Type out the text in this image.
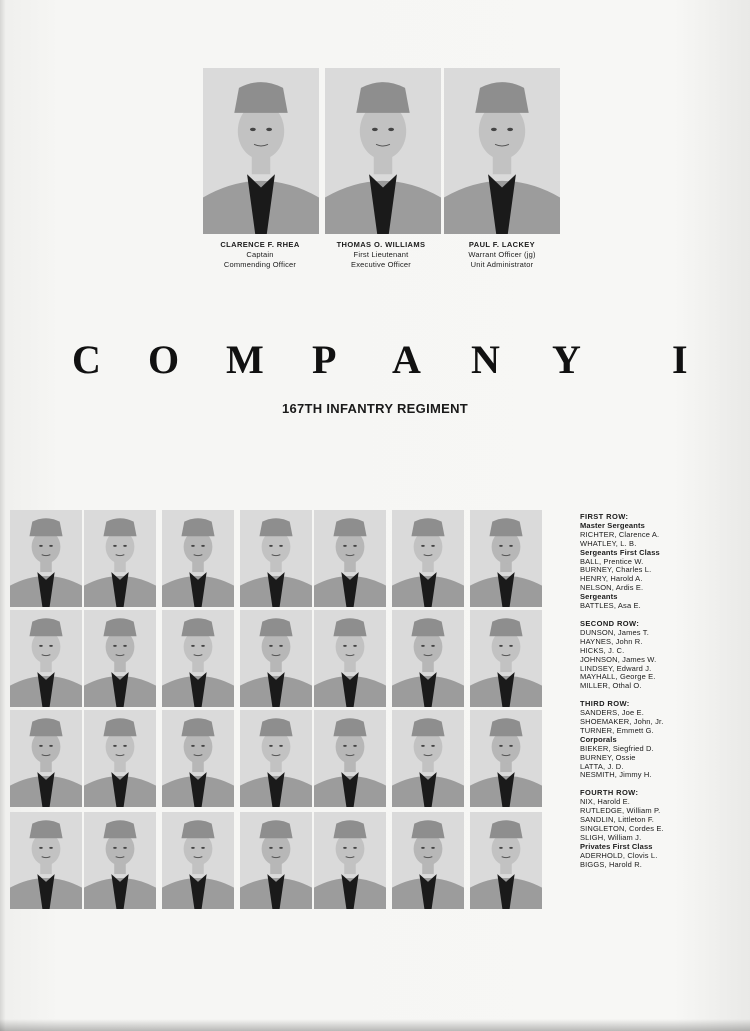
CLARENCE F. RHEA
Captain
Commending Officer
THOMAS O. WILLIAMS
First Lieutenant
Executive Officer
PAUL F. LACKEY
Warrant Officer (jg)
Unit Administrator
C O M P A N Y I
167TH INFANTRY REGIMENT
FIRST ROW:
Master Sergeants
RICHTER, Clarence A.
WHATLEY, L. B.
Sergeants First Class
BALL, Prentice W.
BURNEY, Charles L.
HENRY, Harold A.
NELSON, Ardis E.
Sergeants
BATTLES, Asa E.
SECOND ROW:
DUNSON, James T.
HAYNES, John R.
HICKS, J. C.
JOHNSON, James W.
LINDSEY, Edward J.
MAYHALL, George E.
MILLER, Othal O.
THIRD ROW:
SANDERS, Joe E.
SHOEMAKER, John, Jr.
TURNER, Emmett G.
Corporals
BIEKER, Siegfried D.
BURNEY, Ossie
LATTA, J. D.
NESMITH, Jimmy H.
FOURTH ROW:
NIX, Harold E.
RUTLEDGE, William P.
SANDLIN, Littleton F.
SINGLETON, Cordes E.
SLIGH, William J.
Privates First Class
ADERHOLD, Clovis L.
BIGGS, Harold R.
